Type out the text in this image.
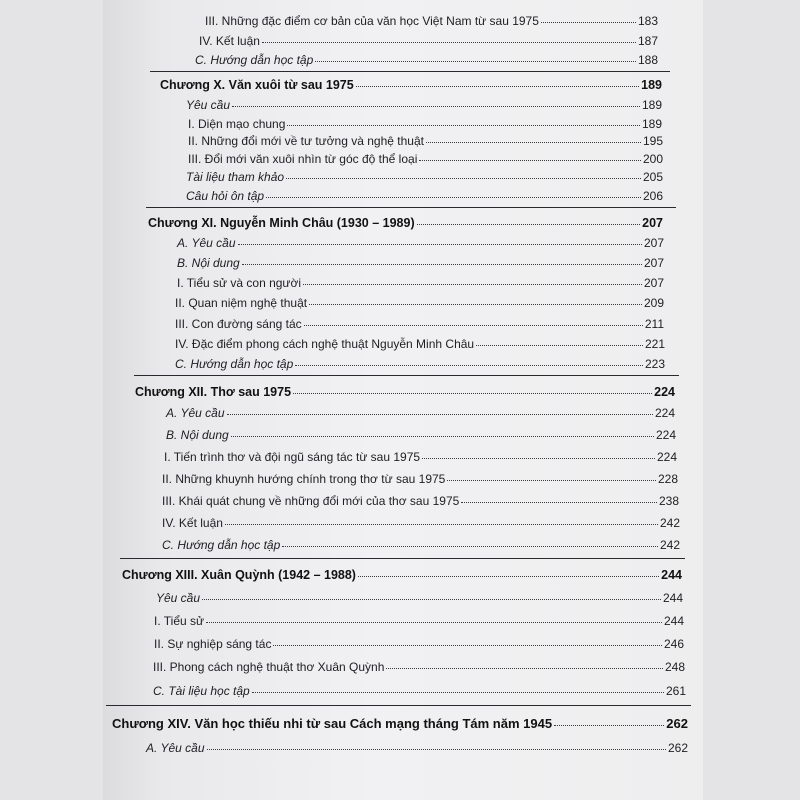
III. Những đặc điểm cơ bản của văn học Việt Nam từ sau 1975	183
IV. Kết luận	187
C. Hướng dẫn học tập	188
Chương X. Văn xuôi từ sau 1975	189
Yêu cầu	189
I. Diện mạo chung	189
II. Những đổi mới về tư tưởng và nghệ thuật	195
III. Đổi mới văn xuôi nhìn từ góc độ thể loại	200
Tài liệu tham khảo	205
Câu hỏi ôn tập	206
Chương XI. Nguyễn Minh Châu (1930 – 1989)	207
A. Yêu cầu	207
B. Nội dung	207
I. Tiểu sử và con người	207
II. Quan niệm nghệ thuật	209
III. Con đường sáng tác	211
IV. Đặc điểm phong cách nghệ thuật Nguyễn Minh Châu	221
C. Hướng dẫn học tập	223
Chương XII. Thơ sau 1975	224
A. Yêu cầu	224
B. Nội dung	224
I. Tiến trình thơ và đội ngũ sáng tác từ sau 1975	224
II. Những khuynh hướng chính trong thơ từ sau 1975	228
III. Khái quát chung về những đổi mới của thơ sau 1975	238
IV. Kết luận	242
C. Hướng dẫn học tập	242
Chương XIII. Xuân Quỳnh (1942 – 1988)	244
Yêu cầu	244
I. Tiểu sử	244
II. Sự nghiệp sáng tác	246
III. Phong cách nghệ thuật thơ Xuân Quỳnh	248
C. Tài liệu học tập	261
Chương XIV. Văn học thiếu nhi từ sau Cách mạng tháng Tám năm 1945	262
A. Yêu cầu	262
